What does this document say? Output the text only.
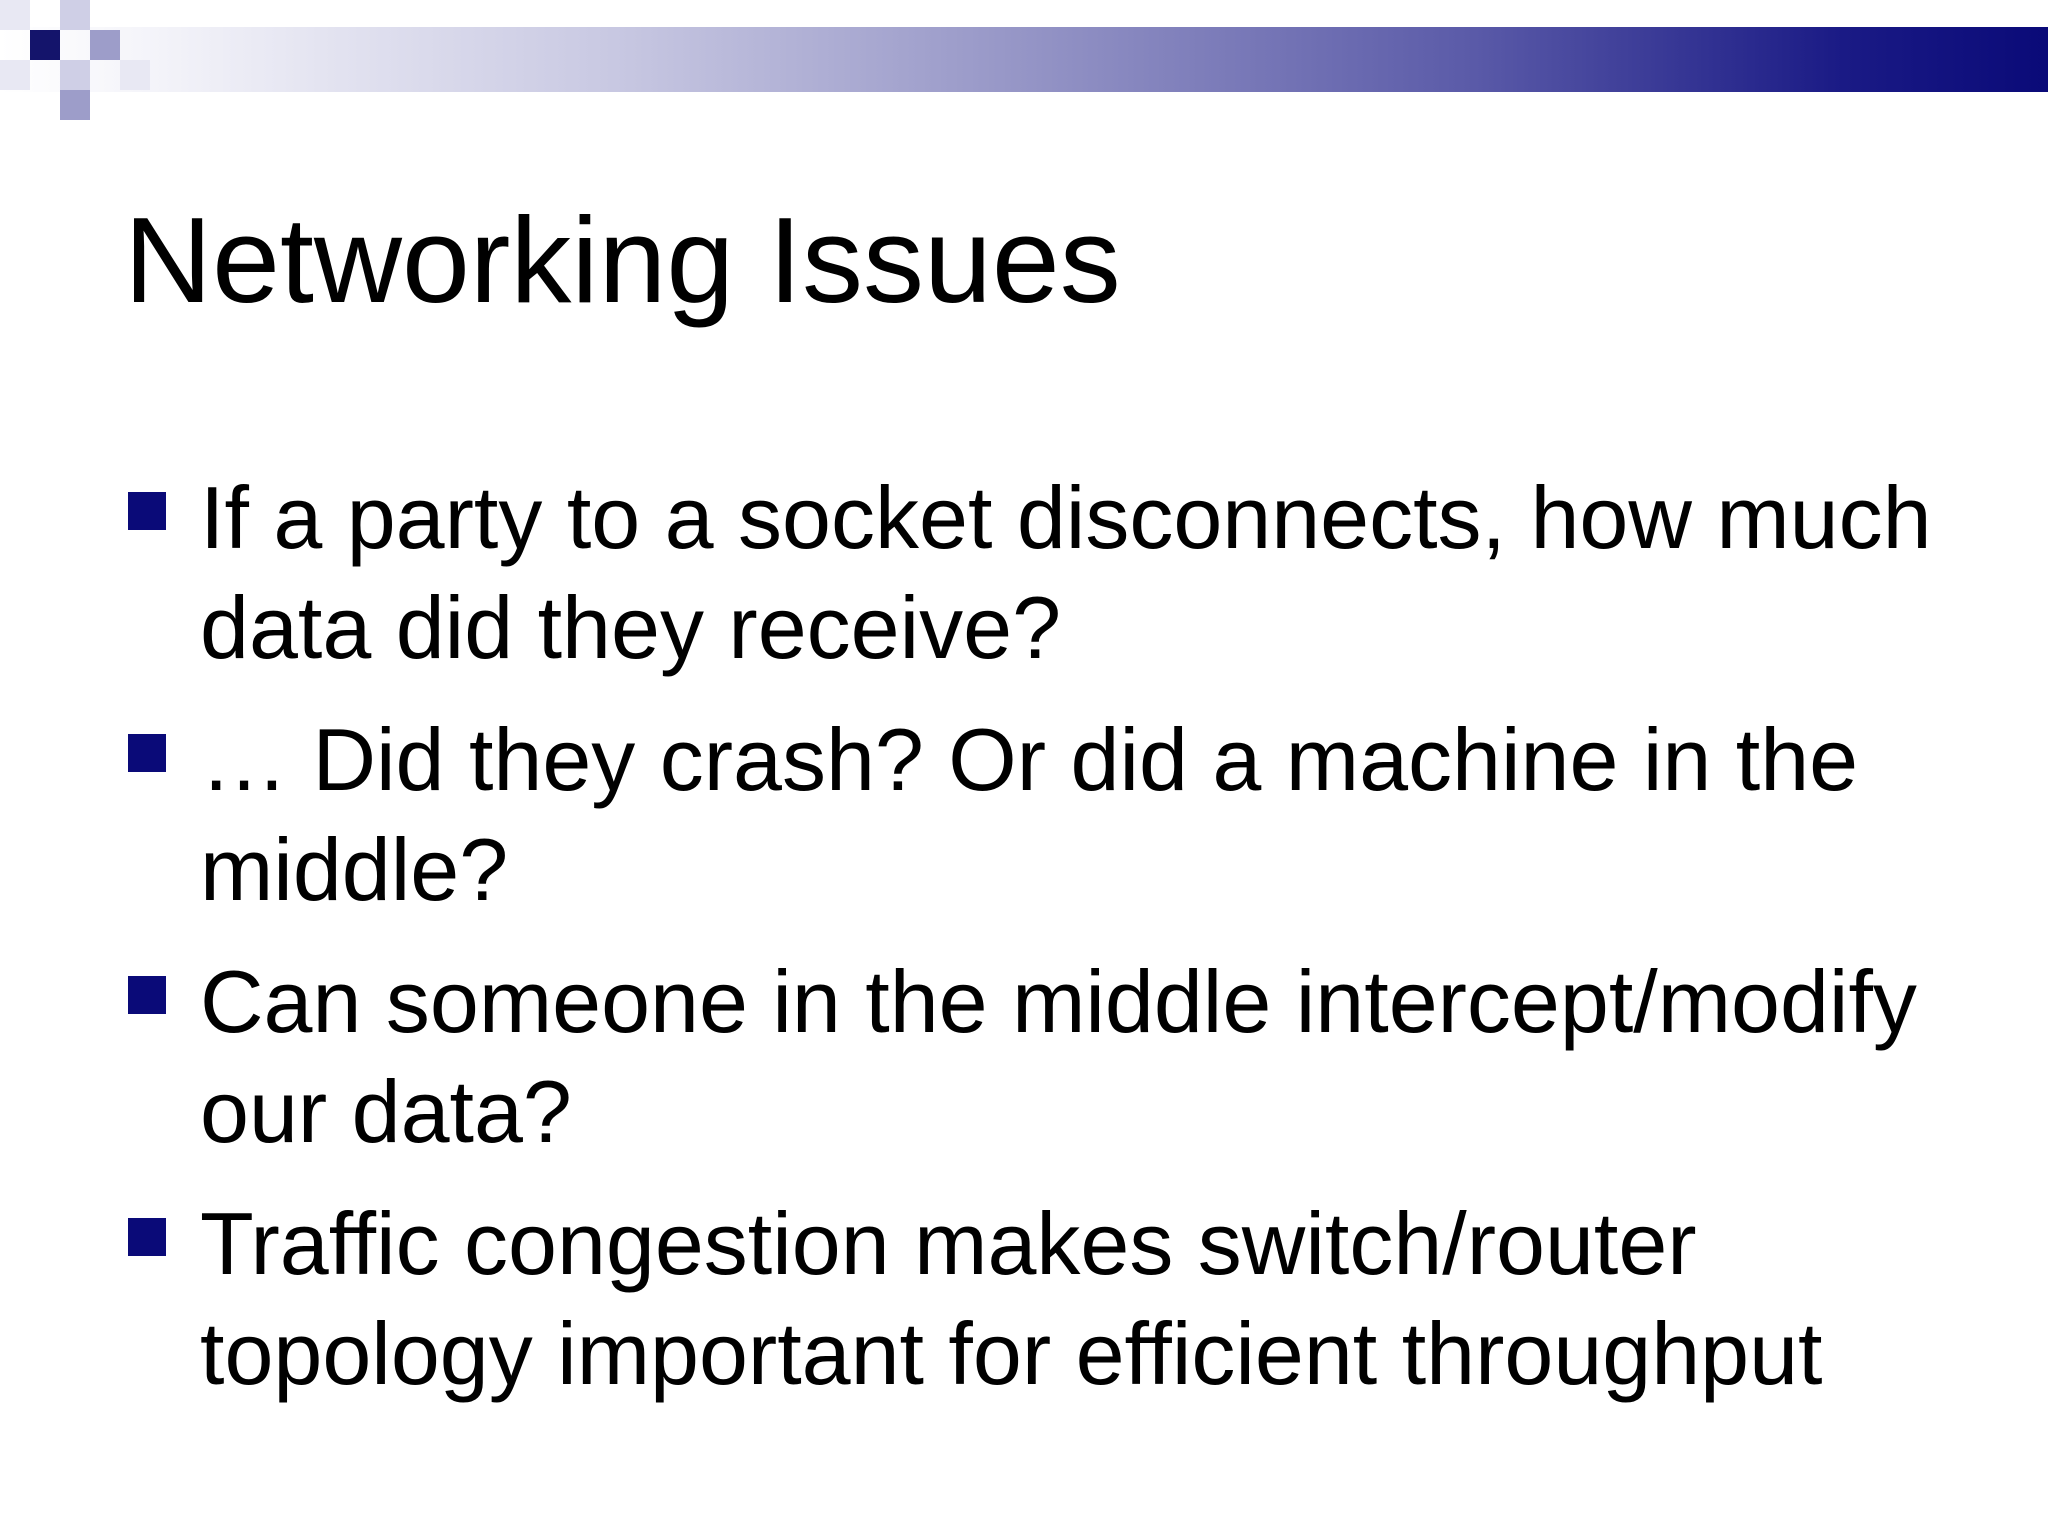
Networking Issues
If a party to a socket disconnects, how much data did they receive?
… Did they crash? Or did a machine in the middle?
Can someone in the middle intercept/modify our data?
Traffic congestion makes switch/router topology important for efficient throughput
